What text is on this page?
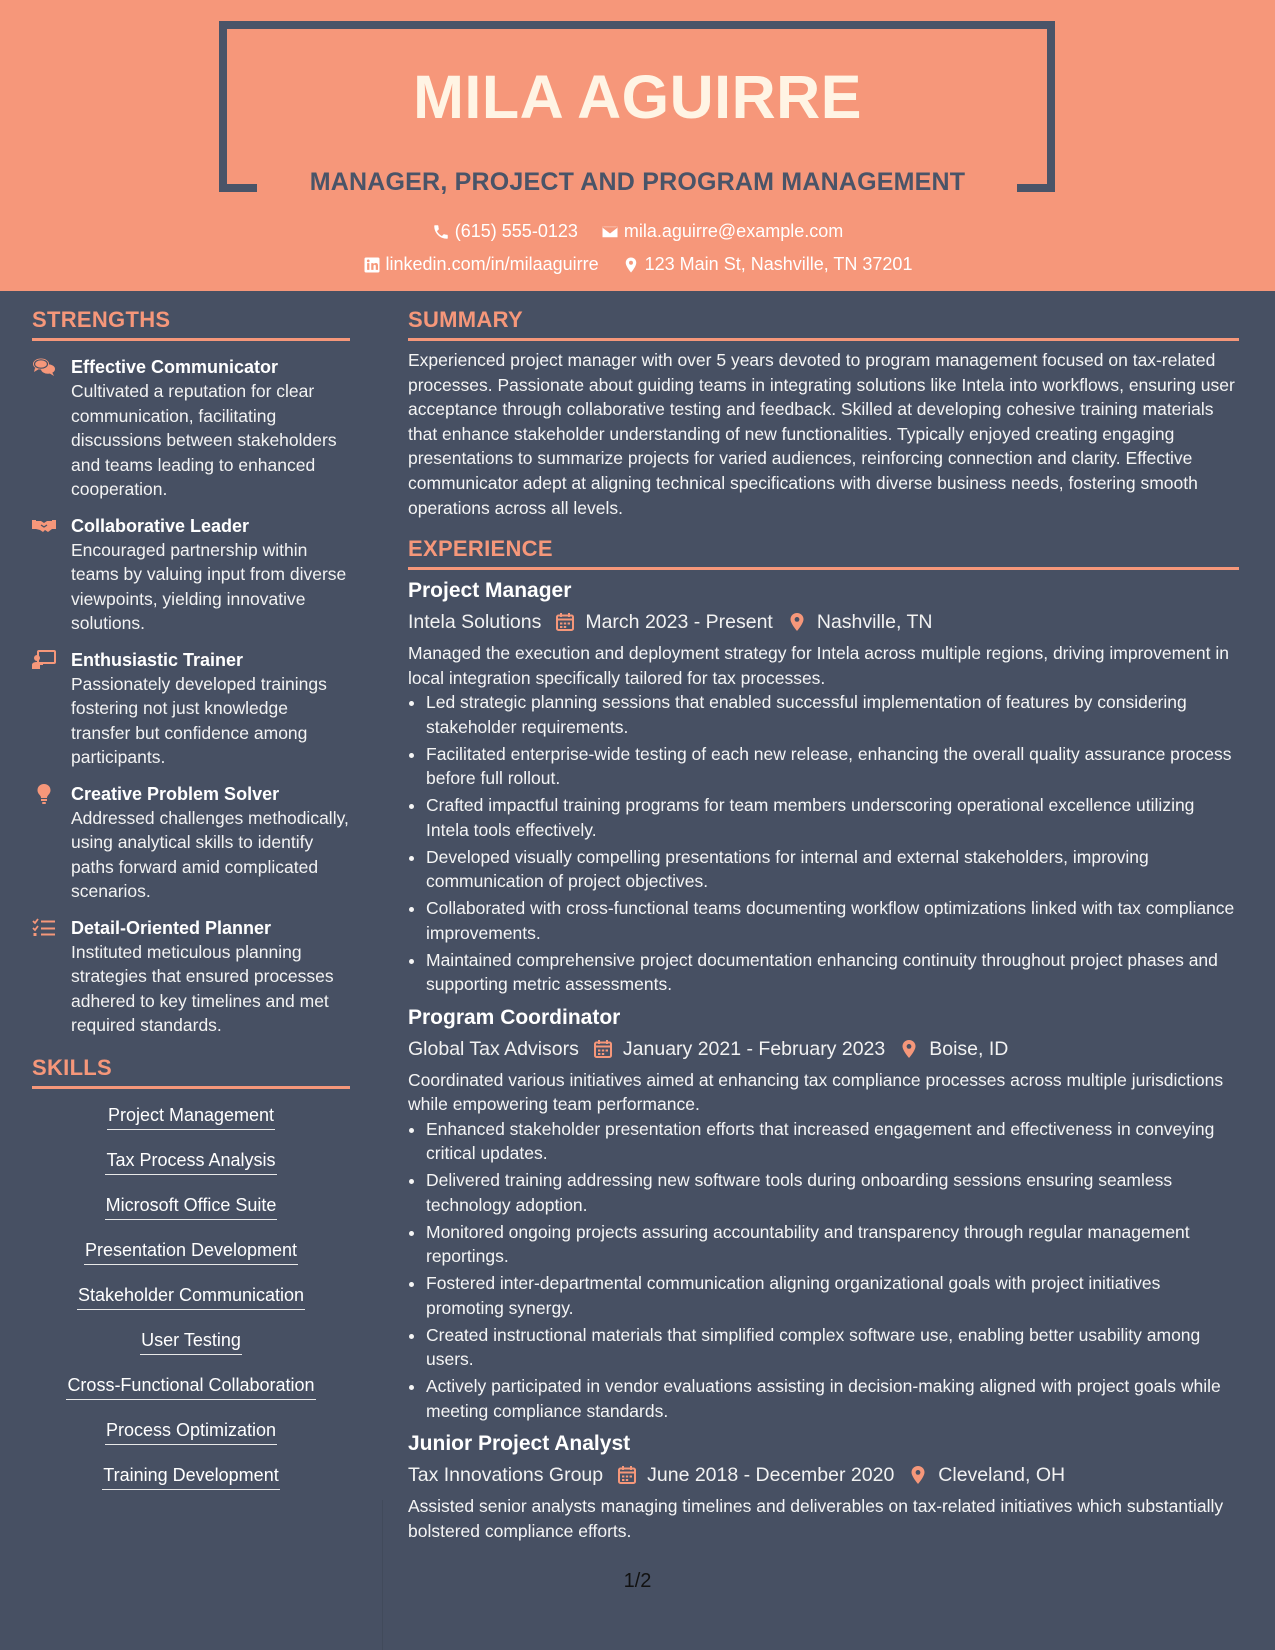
MILA AGUIRRE
MANAGER, PROJECT AND PROGRAM MANAGEMENT
(615) 555-0123
	mila.aguirre@example.com
linkedin.com/in/milaaguirre
	123 Main St, Nashville, TN 37201
STRENGTHS
Effective Communicator
Cultivated a reputation for clear communication, facilitating discussions between stakeholders and teams leading to enhanced cooperation.
Collaborative Leader
Encouraged partnership within teams by valuing input from diverse viewpoints, yielding innovative solutions.
Enthusiastic Trainer
Passionately developed trainings fostering not just knowledge transfer but confidence among participants.
Creative Problem Solver
Addressed challenges methodically, using analytical skills to identify paths forward amid complicated scenarios.
Detail-Oriented Planner
Instituted meticulous planning strategies that ensured processes adhered to key timelines and met required standards.
SKILLS
Project Management
Tax Process Analysis
Microsoft Office Suite
Presentation Development
Stakeholder Communication
User Testing
Cross-Functional Collaboration
Process Optimization
Training Development
SUMMARY
Experienced project manager with over 5 years devoted to program management focused on tax-related processes. Passionate about guiding teams in integrating solutions like Intela into workflows, ensuring user acceptance through collaborative testing and feedback. Skilled at developing cohesive training materials that enhance stakeholder understanding of new functionalities. Typically enjoyed creating engaging presentations to summarize projects for varied audiences, reinforcing connection and clarity. Effective communicator adept at aligning technical specifications with diverse business needs, fostering smooth operations across all levels.
EXPERIENCE
Project Manager
Intela Solutions March 2023 - Present Nashville, TN
Managed the execution and deployment strategy for Intela across multiple regions, driving improvement in local integration specifically tailored for tax processes.
• Led strategic planning sessions that enabled successful implementation of features by considering stakeholder requirements.
• Facilitated enterprise-wide testing of each new release, enhancing the overall quality assurance process before full rollout.
• Crafted impactful training programs for team members underscoring operational excellence utilizing Intela tools effectively.
• Developed visually compelling presentations for internal and external stakeholders, improving communication of project objectives.
• Collaborated with cross-functional teams documenting workflow optimizations linked with tax compliance improvements.
• Maintained comprehensive project documentation enhancing continuity throughout project phases and supporting metric assessments.
Program Coordinator
Global Tax Advisors January 2021 - February 2023 Boise, ID
Coordinated various initiatives aimed at enhancing tax compliance processes across multiple jurisdictions while empowering team performance.
• Enhanced stakeholder presentation efforts that increased engagement and effectiveness in conveying critical updates.
• Delivered training addressing new software tools during onboarding sessions ensuring seamless technology adoption.
• Monitored ongoing projects assuring accountability and transparency through regular management reportings.
• Fostered inter-departmental communication aligning organizational goals with project initiatives promoting synergy.
• Created instructional materials that simplified complex software use, enabling better usability among users.
• Actively participated in vendor evaluations assisting in decision-making aligned with project goals while meeting compliance standards.
Junior Project Analyst
Tax Innovations Group June 2018 - December 2020 Cleveland, OH
Assisted senior analysts managing timelines and deliverables on tax-related initiatives which substantially bolstered compliance efforts.
1/2
